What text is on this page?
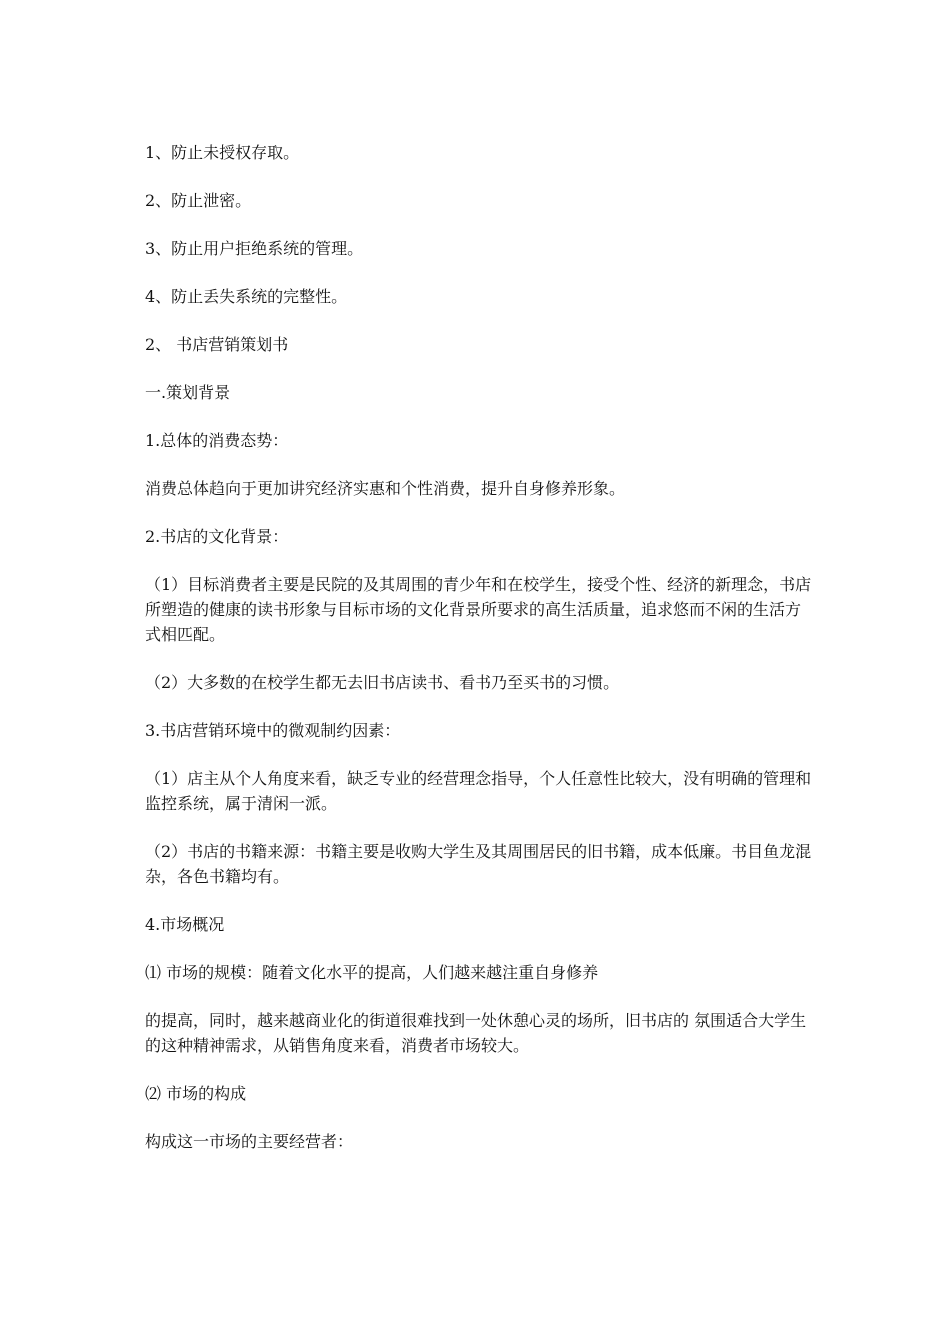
1、防止未授权存取。

2、防止泄密。

3、防止用户拒绝系统的管理。

4、防止丢失系统的完整性。

2、 书店营销策划书

一.策划背景

1.总体的消费态势：

消费总体趋向于更加讲究经济实惠和个性消费，提升自身修养形象。

2.书店的文化背景：

（1）目标消费者主要是民院的及其周围的青少年和在校学生，接受个性、经济的新理念，书店所塑造的健康的读书形象与目标市场的文化背景所要求的高生活质量，追求悠而不闲的生活方式相匹配。

（2）大多数的在校学生都无去旧书店读书、看书乃至买书的习惯。

3.书店营销环境中的微观制约因素：

（1）店主从个人角度来看，缺乏专业的经营理念指导，个人任意性比较大，没有明确的管理和监控系统，属于清闲一派。

（2）书店的书籍来源：书籍主要是收购大学生及其周围居民的旧书籍，成本低廉。书目鱼龙混杂，各色书籍均有。

4.市场概况

⑴ 市场的规模：随着文化水平的提高，人们越来越注重自身修养

的提高，同时，越来越商业化的街道很难找到一处休憩心灵的场所，旧书店的 氛围适合大学生的这种精神需求，从销售角度来看，消费者市场较大。

⑵ 市场的构成

构成这一市场的主要经营者：
